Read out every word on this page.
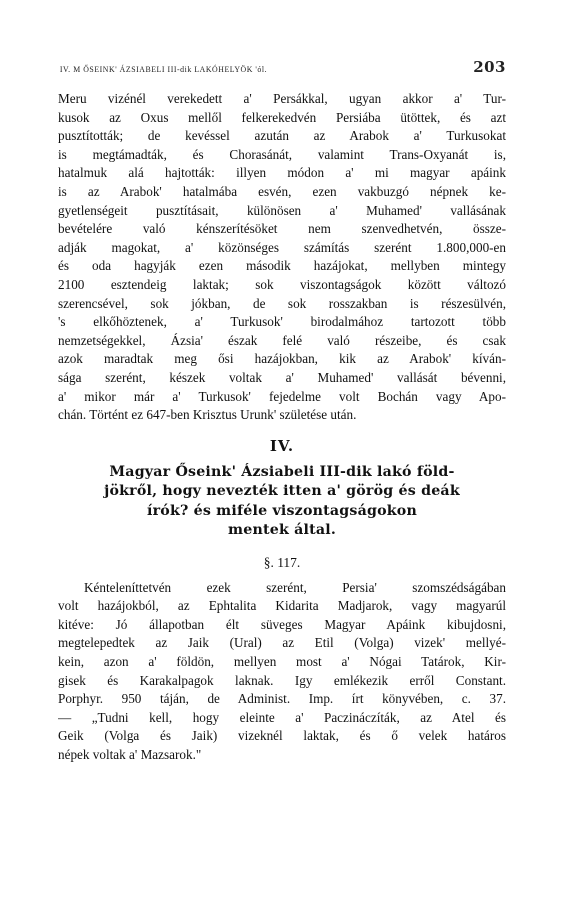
IV. M ŐSEINK' ÁZSIABELI III-dik LAKÓHELYÖK 'ól.	203
Meru vizénél verekedett a' Persákkal, ugyan akkor a' Tur-
kusok az Oxus mellől felkerekedvén Persiába ütöttek, és azt
pusztították; de kevéssel azután az Arabok a' Turkusokat
is megtámadták, és Chorasánát, valamint Trans-Oxyanát is,
hatalmuk alá hajtották: illyen módon a' mi magyar apáink
is az Arabok' hatalmába esvén, ezen vakbuzgó népnek ke-
gyetlenségeit pusztításait, különösen a' Muhamed' vallásának
bevételére való kénszerítésöket nem szenvedhetvén, össze-
adják magokat, a' közönséges számítás szerént 1.800,000-en
és oda hagyják ezen második hazájokat, mellyben mintegy
2100 esztendeig laktak; sok viszontagságok között változó
szerencsével, sok jókban, de sok rosszakban is részesülvén,
's elkőhöztenek, a' Turkusok' birodalmához tartozott több
nemzetségekkel, Ázsia' észak felé való részeibe, és csak
azok maradtak meg ősi hazájokban, kik az Arabok' kíván-
sága szerént, készek voltak a' Muhamed' vallását bévenni,
a' mikor már a' Turkusok' fejedelme volt Bochán vagy Apo-
chán. Történt ez 647-ben Krisztus Urunk' születése után.
IV.
Magyar Őseink' Ázsiabeli III-dik lakó föld-
jökről, hogy nevezték itten a' görög és deák
írók? és miféle viszontagságokon
mentek által.
§. 117.
Kénteleníttetvén ezek szerént, Persia' szomszédságában
volt hazájokból, az Ephtalita Kidarita Madjarok, vagy magyarúl
kitéve: Jó állapotban élt süveges Magyar Apáink kibujdosni,
megtelepedtek az Jaik (Ural) az Etil (Volga) vizek' mellyé-
kein, azon a' földön, mellyen most a' Nógai Tatárok, Kir-
gisek és Karakalpagok laknak. Igy emlékezik erről Constant.
Porphyr. 950 táján, de Administ. Imp. írt könyvében, c. 37.
— „Tudni kell, hogy eleinte a' Paczináczíták, az Atel és
Geik (Volga és Jaik) vizeknél laktak, és ő velek határos
népek voltak a' Mazsarok."
